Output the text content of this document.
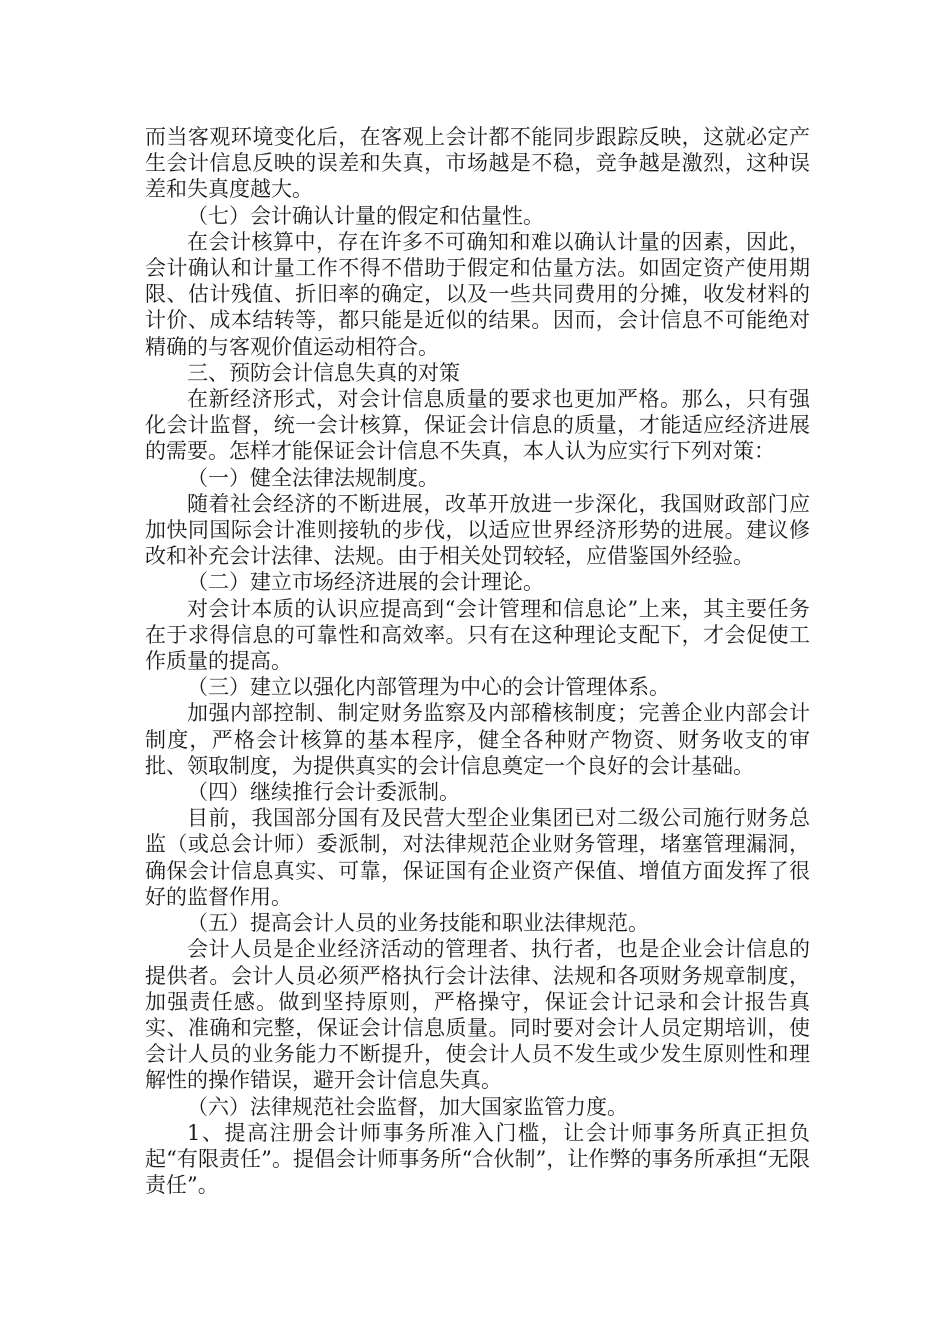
而当客观环境变化后，在客观上会计都不能同步跟踪反映，这就必定产生会计信息反映的误差和失真，市场越是不稳，竞争越是激烈，这种误差和失真度越大。

（七）会计确认计量的假定和估量性。

在会计核算中，存在许多不可确知和难以确认计量的因素，因此，会计确认和计量工作不得不借助于假定和估量方法。如固定资产使用期限、估计残值、折旧率的确定，以及一些共同费用的分摊，收发材料的计价、成本结转等，都只能是近似的结果。因而，会计信息不可能绝对精确的与客观价值运动相符合。

三、预防会计信息失真的对策

在新经济形式，对会计信息质量的要求也更加严格。那么，只有强化会计监督，统一会计核算，保证会计信息的质量，才能适应经济进展的需要。怎样才能保证会计信息不失真，本人认为应实行下列对策：

（一）健全法律法规制度。

随着社会经济的不断进展，改革开放进一步深化，我国财政部门应加快同国际会计准则接轨的步伐，以适应世界经济形势的进展。建议修改和补充会计法律、法规。由于相关处罚较轻，应借鉴国外经验。

（二）建立市场经济进展的会计理论。

对会计本质的认识应提高到“会计管理和信息论”上来，其主要任务在于求得信息的可靠性和高效率。只有在这种理论支配下，才会促使工作质量的提高。

（三）建立以强化内部管理为中心的会计管理体系。

加强内部控制、制定财务监察及内部稽核制度；完善企业内部会计制度，严格会计核算的基本程序，健全各种财产物资、财务收支的审批、领取制度，为提供真实的会计信息奠定一个良好的会计基础。

（四）继续推行会计委派制。

目前，我国部分国有及民营大型企业集团已对二级公司施行财务总监（或总会计师）委派制，对法律规范企业财务管理，堵塞管理漏洞，确保会计信息真实、可靠，保证国有企业资产保值、增值方面发挥了很好的监督作用。

（五）提高会计人员的业务技能和职业法律规范。

会计人员是企业经济活动的管理者、执行者，也是企业会计信息的提供者。会计人员必须严格执行会计法律、法规和各项财务规章制度，加强责任感。做到坚持原则，严格操守，保证会计记录和会计报告真实、准确和完整，保证会计信息质量。同时要对会计人员定期培训，使会计人员的业务能力不断提升，使会计人员不发生或少发生原则性和理解性的操作错误，避开会计信息失真。

（六）法律规范社会监督，加大国家监管力度。

1、提高注册会计师事务所准入门槛，让会计师事务所真正担负起“有限责任”。提倡会计师事务所“合伙制”，让作弊的事务所承担“无限责任”。
